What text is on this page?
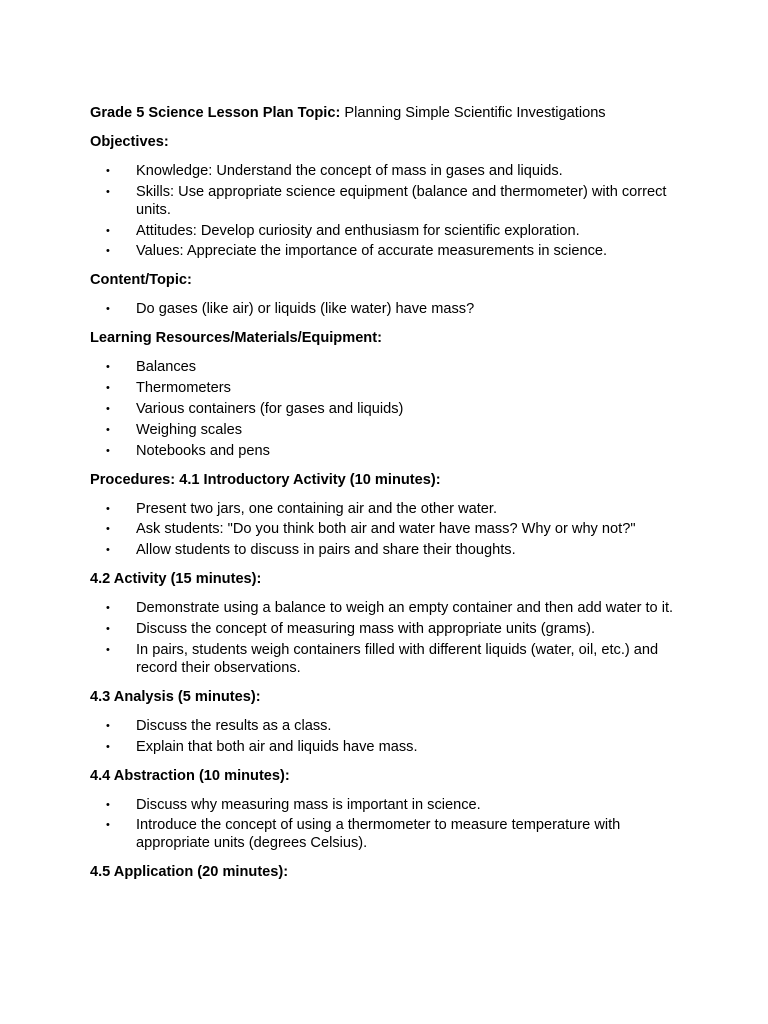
Grade 5 Science Lesson Plan Topic: Planning Simple Scientific Investigations

Objectives:

• Knowledge: Understand the concept of mass in gases and liquids.
• Skills: Use appropriate science equipment (balance and thermometer) with correct units.
• Attitudes: Develop curiosity and enthusiasm for scientific exploration.
• Values: Appreciate the importance of accurate measurements in science.

Content/Topic:

• Do gases (like air) or liquids (like water) have mass?

Learning Resources/Materials/Equipment:

• Balances
• Thermometers
• Various containers (for gases and liquids)
• Weighing scales
• Notebooks and pens

Procedures: 4.1 Introductory Activity (10 minutes):

• Present two jars, one containing air and the other water.
• Ask students: "Do you think both air and water have mass? Why or why not?"
• Allow students to discuss in pairs and share their thoughts.

4.2 Activity (15 minutes):

• Demonstrate using a balance to weigh an empty container and then add water to it.
• Discuss the concept of measuring mass with appropriate units (grams).
• In pairs, students weigh containers filled with different liquids (water, oil, etc.) and record their observations.

4.3 Analysis (5 minutes):

• Discuss the results as a class.
• Explain that both air and liquids have mass.

4.4 Abstraction (10 minutes):

• Discuss why measuring mass is important in science.
• Introduce the concept of using a thermometer to measure temperature with appropriate units (degrees Celsius).

4.5 Application (20 minutes):
